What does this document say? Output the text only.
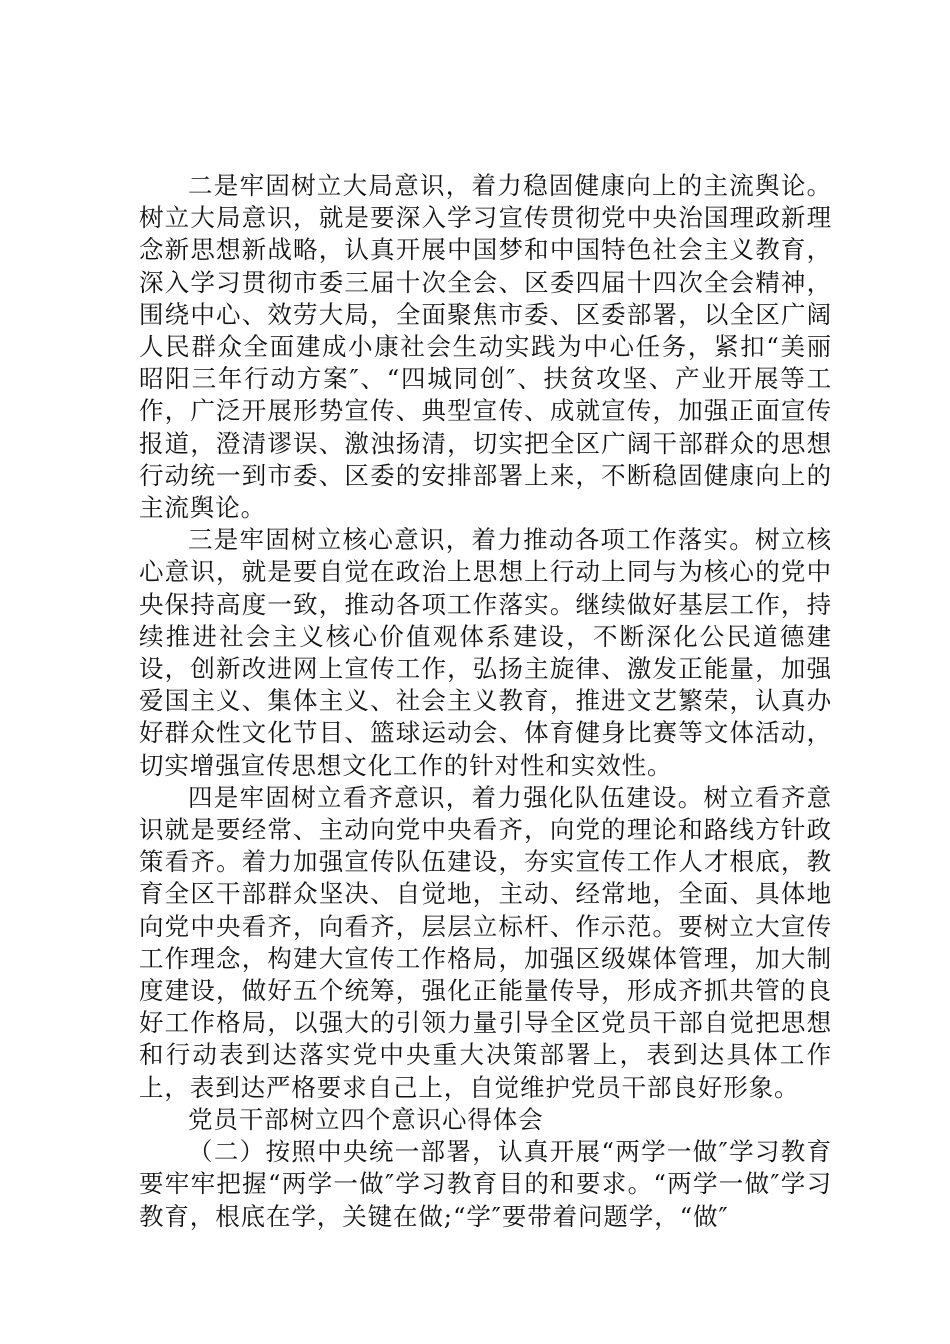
二是牢固树立大局意识，着力稳固健康向上的主流舆论。树立大局意识，就是要深入学习宣传贯彻党中央治国理政新理念新思想新战略，认真开展中国梦和中国特色社会主义教育，深入学习贯彻市委三届十次全会、区委四届十四次全会精神，围绕中心、效劳大局，全面聚焦市委、区委部署，以全区广阔人民群众全面建成小康社会生动实践为中心任务，紧扣“美丽昭阳三年行动方案″、“四城同创″、扶贫攻坚、产业开展等工作，广泛开展形势宣传、典型宣传、成就宣传，加强正面宣传报道，澄清谬误、激浊扬清，切实把全区广阔干部群众的思想行动统一到市委、区委的安排部署上来，不断稳固健康向上的主流舆论。

三是牢固树立核心意识，着力推动各项工作落实。树立核心意识，就是要自觉在政治上思想上行动上同与为核心的党中央保持高度一致，推动各项工作落实。继续做好基层工作，持续推进社会主义核心价值观体系建设，不断深化公民道德建设，创新改进网上宣传工作，弘扬主旋律、激发正能量，加强爱国主义、集体主义、社会主义教育，推进文艺繁荣，认真办好群众性文化节目、篮球运动会、体育健身比赛等文体活动，切实增强宣传思想文化工作的针对性和实效性。

四是牢固树立看齐意识，着力强化队伍建设。树立看齐意识就是要经常、主动向党中央看齐，向党的理论和路线方针政策看齐。着力加强宣传队伍建设，夯实宣传工作人才根底，教育全区干部群众坚决、自觉地，主动、经常地，全面、具体地向党中央看齐，向看齐，层层立标杆、作示范。要树立大宣传工作理念，构建大宣传工作格局，加强区级媒体管理，加大制度建设，做好五个统筹，强化正能量传导，形成齐抓共管的良好工作格局，以强大的引领力量引导全区党员干部自觉把思想和行动表到达落实党中央重大决策部署上，表到达具体工作上，表到达严格要求自己上，自觉维护党员干部良好形象。

党员干部树立四个意识心得体会

（二）按照中央统一部署，认真开展“两学一做″学习教育要牢牢把握“两学一做″学习教育目的和要求。“两学一做″学习教育，根底在学，关键在做;“学″要带着问题学，“做″
